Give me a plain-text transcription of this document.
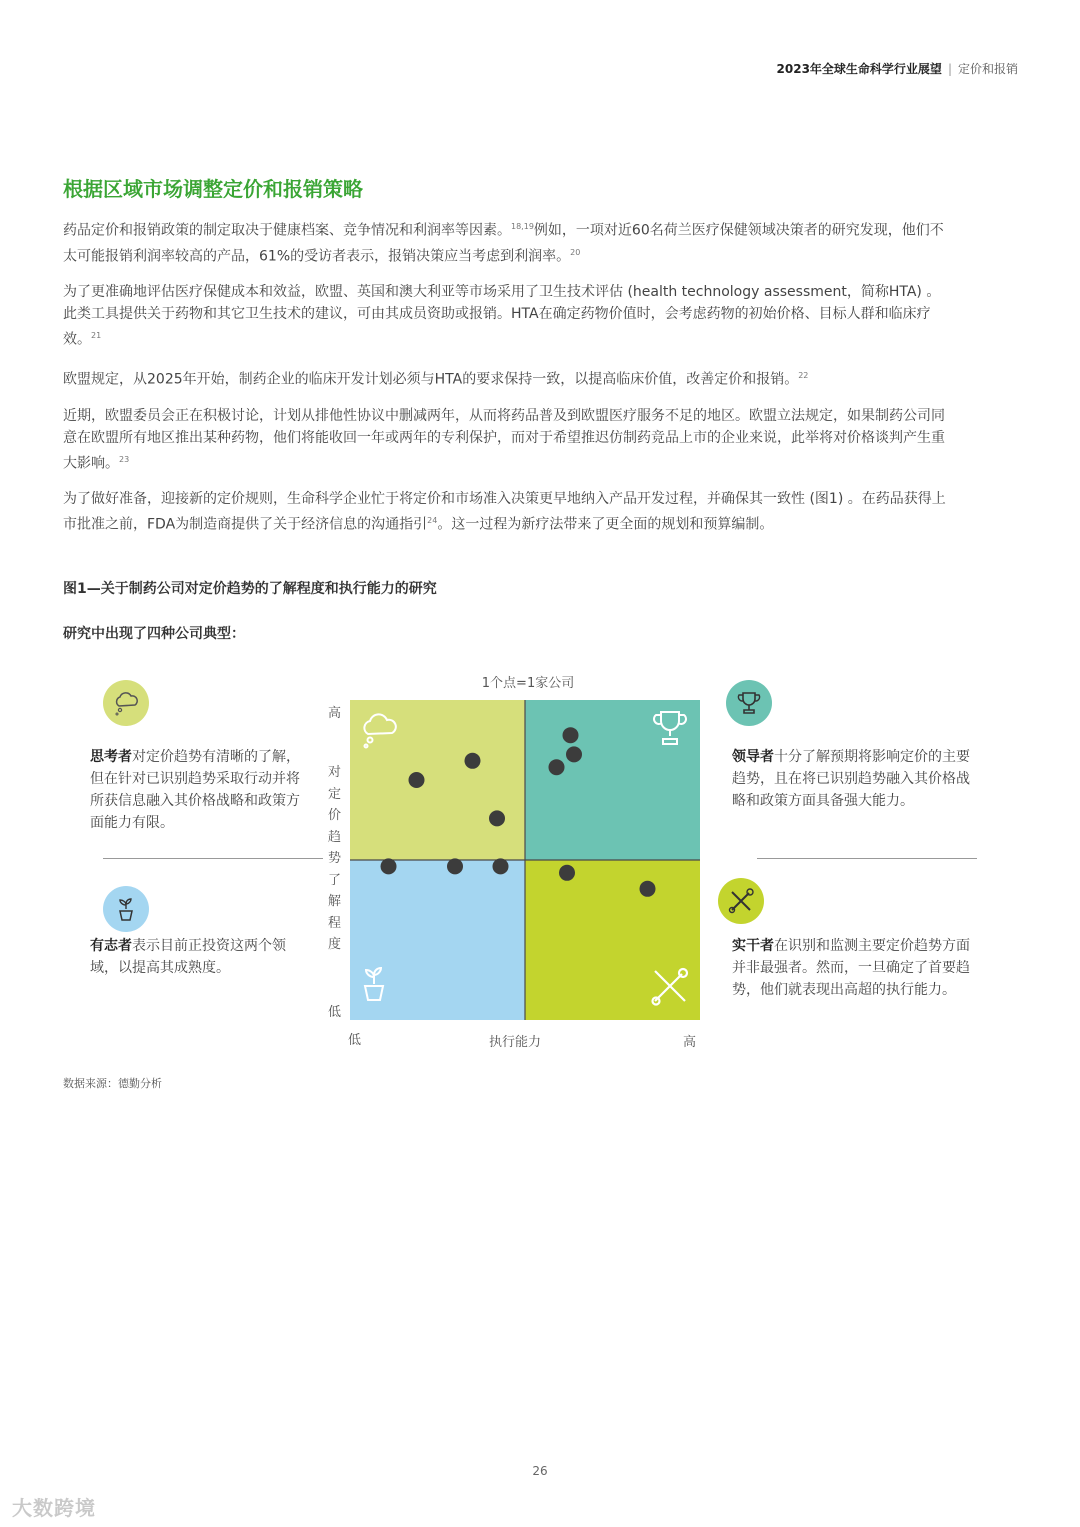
2023年全球生命科学行业展望 | 定价和报销
根据区域市场调整定价和报销策略

药品定价和报销政策的制定取决于健康档案、竞争情况和利润率等因素。$^{18,19}$例如，一项对近60名荷兰医疗保健领域决策者的研究发现，他们不太可能报销利润率较高的产品，61%的受访者表示，报销决策应当考虑到利润率。$^{20}$

为了更准确地评估医疗保健成本和效益，欧盟、英国和澳大利亚等市场采用了卫生技术评估 (health technology assessment，简称HTA) 。此类工具提供关于药物和其它卫生技术的建议，可由其成员资助或报销。HTA在确定药物价值时，会考虑药物的初始价格、目标人群和临床疗效。$^{21}$

欧盟规定，从2025年开始，制药企业的临床开发计划必须与HTA的要求保持一致，以提高临床价值，改善定价和报销。$^{22}$

近期，欧盟委员会正在积极讨论，计划从排他性协议中删减两年，从而将药品普及到欧盟医疗服务不足的地区。欧盟立法规定，如果制药公司同意在欧盟所有地区推出某种药物，他们将能收回一年或两年的专利保护，而对于希望推迟仿制药竞品上市的企业来说，此举将对价格谈判产生重大影响。$^{23}$

为了做好准备，迎接新的定价规则，生命科学企业忙于将定价和市场准入决策更早地纳入产品开发过程，并确保其一致性 (图1) 。在药品获得上市批准之前，FDA为制造商提供了关于经济信息的沟通指引$^{24}$。这一过程为新疗法带来了更全面的规划和预算编制。

图1—关于制药公司对定价趋势的了解程度和执行能力的研究
研究中出现了四种公司典型：
1个点=1家公司
思考者对定价趋势有清晰的了解，但在针对已识别趋势采取行动并将所获信息融入其价格战略和政策方面能力有限。
领导者十分了解预期将影响定价的主要趋势，且在将已识别趋势融入其价格战略和政策方面具备强大能力。
有志者表示目前正投资这两个领域，以提高其成熟度。
实干者在识别和监测主要定价趋势方面并非最强者。然而，一旦确定了首要趋势，他们就表现出高超的执行能力。
高
低
对定价趋势了解程度
低	执行能力	高
数据来源：德勤分析
26
大数跨境
